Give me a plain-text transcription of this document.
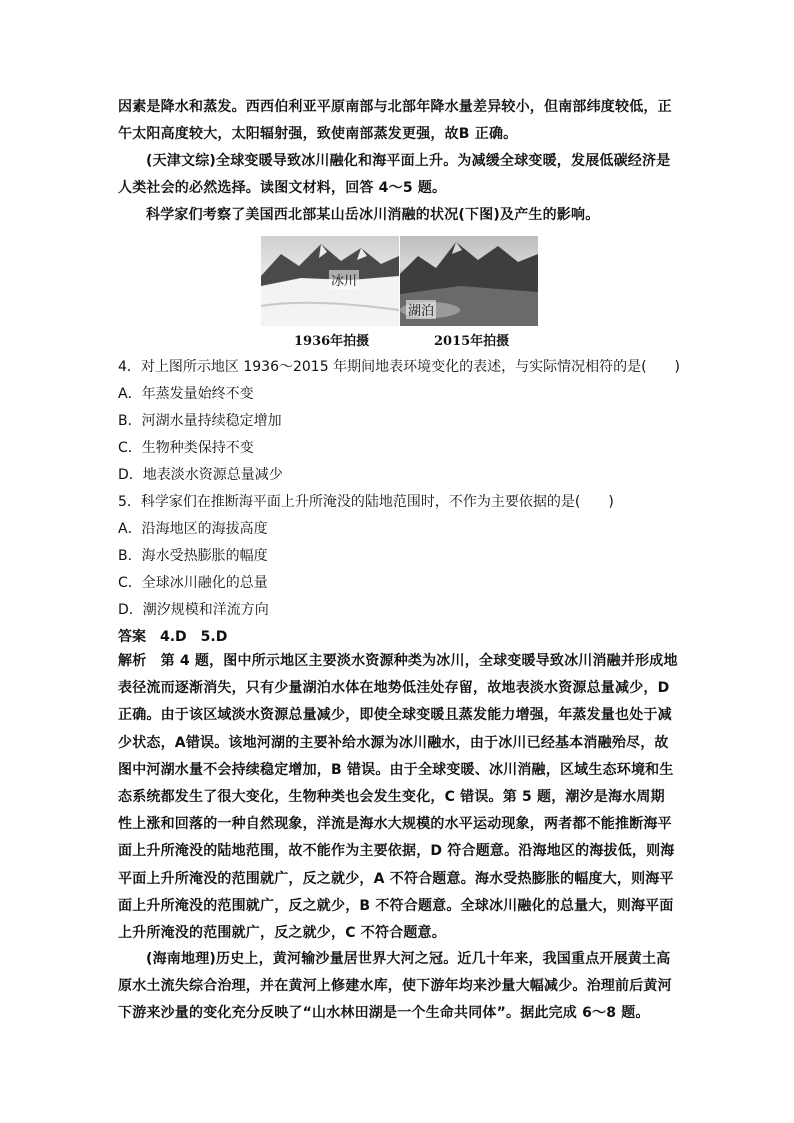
因素是降水和蒸发。西西伯利亚平原南部与北部年降水量差异较小，但南部纬度较低，正午太阳高度较大，太阳辐射强，致使南部蒸发更强，故B 正确。
(天津文综)全球变暖导致冰川融化和海平面上升。为减缓全球变暖，发展低碳经济是人类社会的必然选择。读图文材料，回答 4～5 题。
科学家们考察了美国西北部某山岳冰川消融的状况(下图)及产生的影响。
冰川
湖泊
1936年拍摄	2015年拍摄
4．对上图所示地区 1936～2015 年期间地表环境变化的表述，与实际情况相符的是(　　)
A．年蒸发量始终不变
B．河湖水量持续稳定增加
C．生物种类保持不变
D．地表淡水资源总量减少
5．科学家们在推断海平面上升所淹没的陆地范围时，不作为主要依据的是(　　)
A．沿海地区的海拔高度
B．海水受热膨胀的幅度
C．全球冰川融化的总量
D．潮汐规模和洋流方向
答案　4.D　5.D
解析　第 4 题，图中所示地区主要淡水资源种类为冰川，全球变暖导致冰川消融并形成地表径流而逐渐消失，只有少量湖泊水体在地势低洼处存留，故地表淡水资源总量减少，D 正确。由于该区域淡水资源总量减少，即使全球变暖且蒸发能力增强，年蒸发量也处于减少状态，A错误。该地河湖的主要补给水源为冰川融水，由于冰川已经基本消融殆尽，故图中河湖水量不会持续稳定增加，B 错误。由于全球变暖、冰川消融，区域生态环境和生态系统都发生了很大变化，生物种类也会发生变化，C 错误。第 5 题，潮汐是海水周期性上涨和回落的一种自然现象，洋流是海水大规模的水平运动现象，两者都不能推断海平面上升所淹没的陆地范围，故不能作为主要依据，D 符合题意。沿海地区的海拔低，则海平面上升所淹没的范围就广，反之就少，A 不符合题意。海水受热膨胀的幅度大，则海平面上升所淹没的范围就广，反之就少，B 不符合题意。全球冰川融化的总量大，则海平面上升所淹没的范围就广，反之就少，C 不符合题意。
(海南地理)历史上，黄河输沙量居世界大河之冠。近几十年来，我国重点开展黄土高原水土流失综合治理，并在黄河上修建水库，使下游年均来沙量大幅减少。治理前后黄河下游来沙量的变化充分反映了“山水林田湖是一个生命共同体”。据此完成 6～8 题。
